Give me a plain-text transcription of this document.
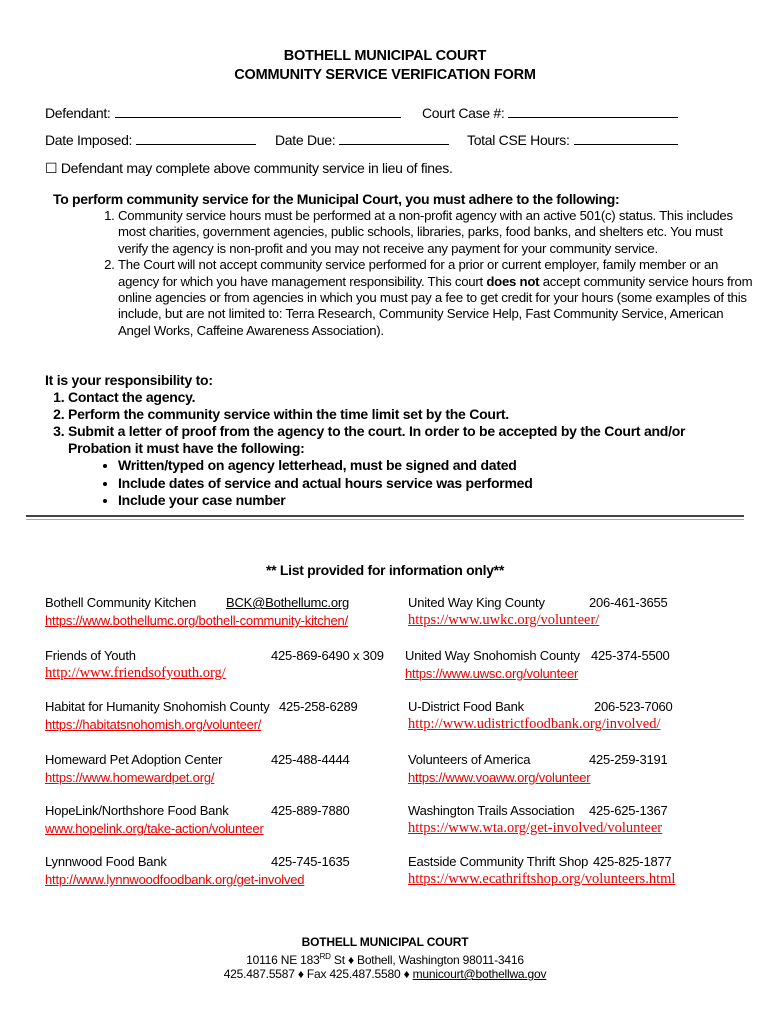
BOTHELL MUNICIPAL COURT
COMMUNITY SERVICE VERIFICATION FORM
Defendant:	Court Case #:
Date Imposed:	Date Due:	Total CSE Hours:
☐ Defendant may complete above community service in lieu of fines.
To perform community service for the Municipal Court, you must adhere to the following:
1. Community service hours must be performed at a non-profit agency with an active 501(c) status. This includes most charities, government agencies, public schools, libraries, parks, food banks, and shelters etc. You must verify the agency is non-profit and you may not receive any payment for your community service.
2. The Court will not accept community service performed for a prior or current employer, family member or an agency for which you have management responsibility. This court does not accept community service hours from online agencies or from agencies in which you must pay a fee to get credit for your hours (some examples of this include, but are not limited to: Terra Research, Community Service Help, Fast Community Service, American Angel Works, Caffeine Awareness Association).
It is your responsibility to:
1. Contact the agency.
2. Perform the community service within the time limit set by the Court.
3. Submit a letter of proof from the agency to the court. In order to be accepted by the Court and/or Probation it must have the following:
• Written/typed on agency letterhead, must be signed and dated
• Include dates of service and actual hours service was performed
• Include your case number
** List provided for information only**
Bothell Community Kitchen BCK@Bothellumc.org
https://www.bothellumc.org/bothell-community-kitchen/
United Way King County	206-461-3655
https://www.uwkc.org/volunteer/
Friends of Youth	425-869-6490 x 309
http://www.friendsofyouth.org/
United Way Snohomish County 425-374-5500
https://www.uwsc.org/volunteer
Habitat for Humanity Snohomish County 425-258-6289
https://habitatsnohomish.org/volunteer/
U-District Food Bank	206-523-7060
http://www.udistrictfoodbank.org/involved/
Homeward Pet Adoption Center	425-488-4444
https://www.homewardpet.org/
Volunteers of America	425-259-3191
https://www.voaww.org/volunteer
HopeLink/Northshore Food Bank	425-889-7880
www.hopelink.org/take-action/volunteer
Washington Trails Association 425-625-1367
https://www.wta.org/get-involved/volunteer
Lynnwood Food Bank	425-745-1635
http://www.lynnwoodfoodbank.org/get-involved
Eastside Community Thrift Shop 425-825-1877
https://www.ecathriftshop.org/volunteers.html
BOTHELL MUNICIPAL COURT
10116 NE 183RD St ♦ Bothell, Washington 98011-3416
425.487.5587 ♦ Fax 425.487.5580 ♦ municourt@bothellwa.gov
